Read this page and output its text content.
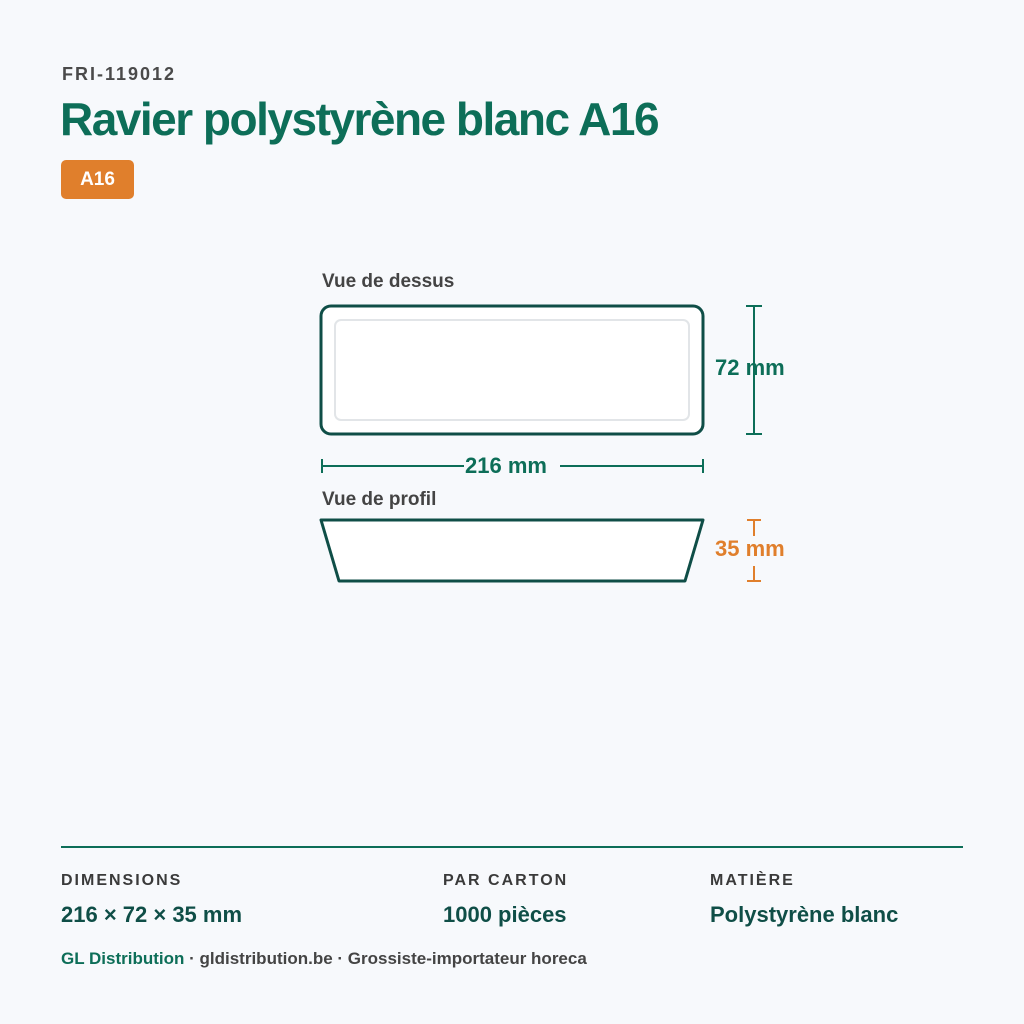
FRI-119012
Ravier polystyrène blanc A16
A16
Vue de dessus
Vue de profil
72 mm
216 mm
35 mm
DIMENSIONS
216 × 72 × 35 mm
PAR CARTON
1000 pièces
MATIÈRE
Polystyrène blanc
GL Distribution · gldistribution.be · Grossiste-importateur horeca
